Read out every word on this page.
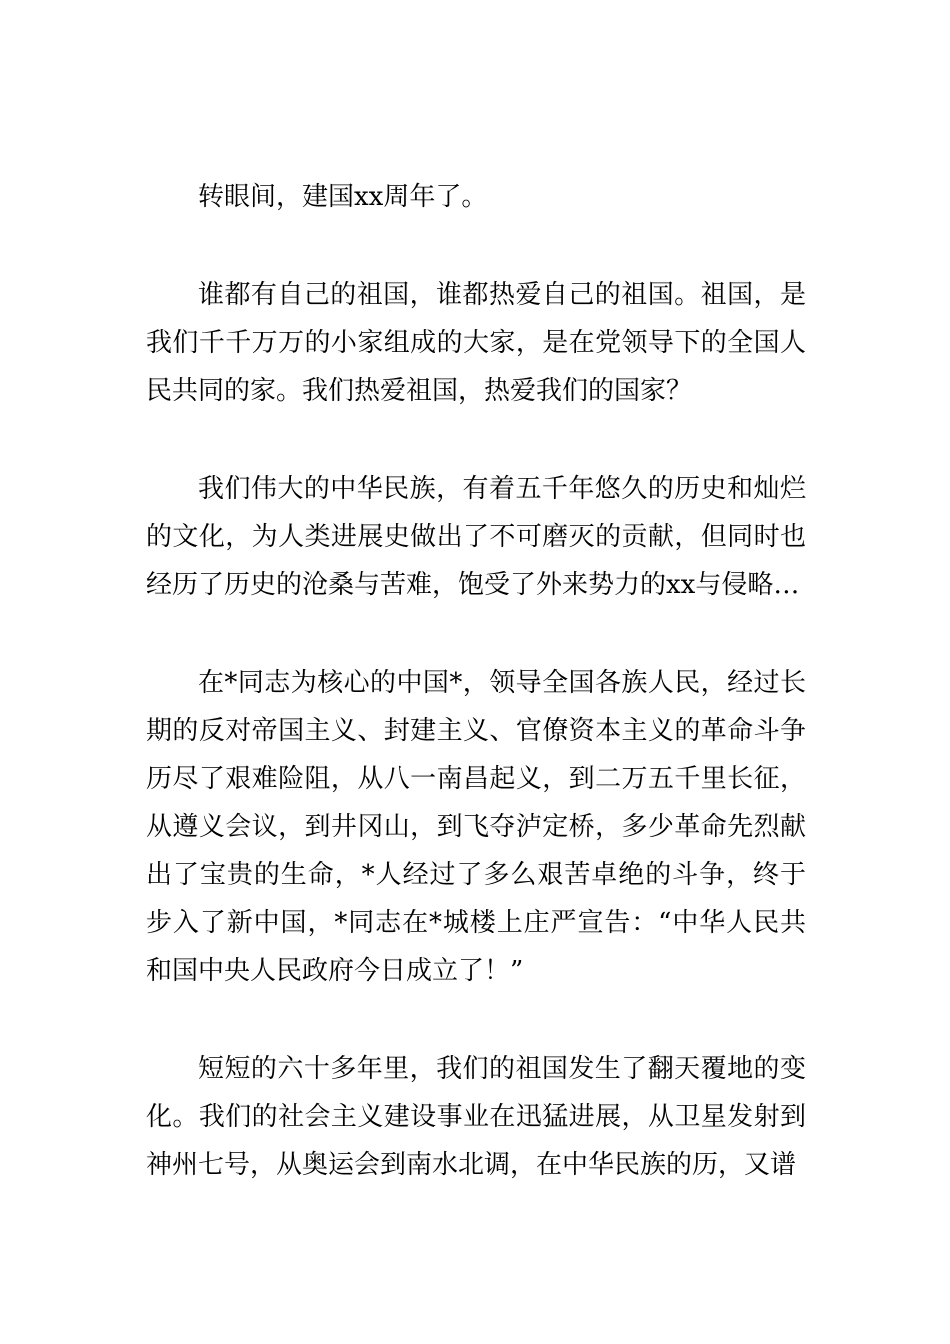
转眼间，建国xx周年了。

谁都有自己的祖国，谁都热爱自己的祖国。祖国，是我们千千万万的小家组成的大家，是在党领导下的全国人民共同的家。我们热爱祖国，热爱我们的国家？

我们伟大的中华民族，有着五千年悠久的历史和灿烂的文化，为人类进展史做出了不可磨灭的贡献，但同时也经历了历史的沧桑与苦难，饱受了外来势力的xx与侵略…

在*同志为核心的中国*，领导全国各族人民，经过长期的反对帝国主义、封建主义、官僚资本主义的革命斗争历尽了艰难险阻，从八一南昌起义，到二万五千里长征，从遵义会议，到井冈山，到飞夺泸定桥，多少革命先烈献出了宝贵的生命，*人经过了多么艰苦卓绝的斗争，终于步入了新中国，*同志在*城楼上庄严宣告：“中华人民共和国中央人民政府今日成立了！”

短短的六十多年里，我们的祖国发生了翻天覆地的变化。我们的社会主义建设事业在迅猛进展，从卫星发射到神州七号，从奥运会到南水北调，在中华民族的历，又谱
